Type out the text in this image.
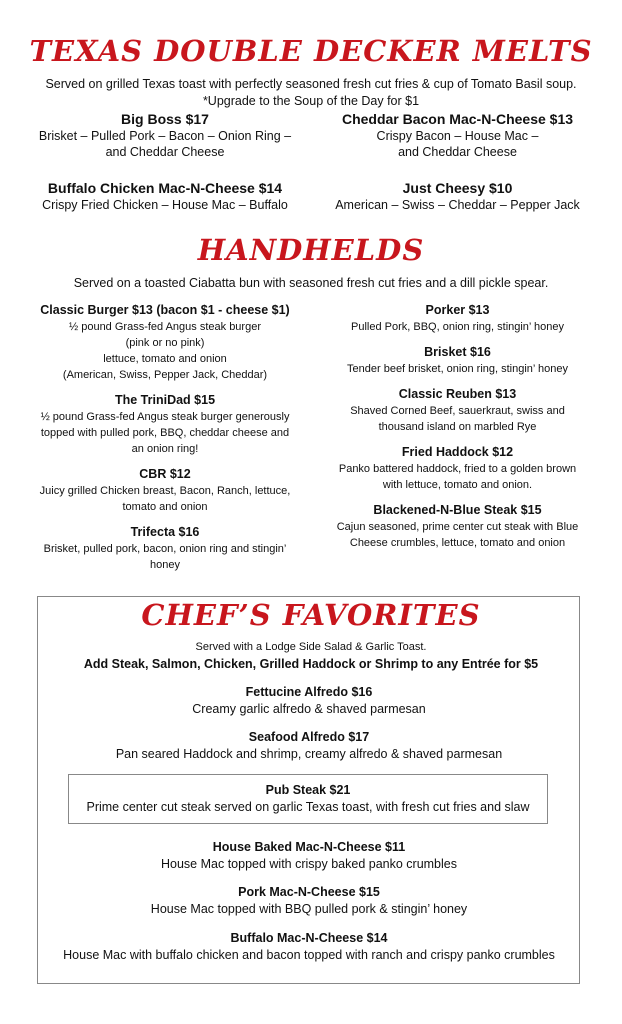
TEXAS DOUBLE DECKER MELTS
Served on grilled Texas toast with perfectly seasoned fresh cut fries & cup of Tomato Basil soup.
*Upgrade to the Soup of the Day for $1
Big Boss $17
Brisket – Pulled Pork – Bacon – Onion Ring –
and Cheddar Cheese
Cheddar Bacon Mac-N-Cheese $13
Crispy Bacon – House Mac –
and Cheddar Cheese
Buffalo Chicken Mac-N-Cheese $14
Crispy Fried Chicken – House Mac – Buffalo
Just Cheesy $10
American – Swiss – Cheddar – Pepper Jack
HANDHELDS
Served on a toasted Ciabatta bun with seasoned fresh cut fries and a dill pickle spear.
Classic Burger $13 (bacon $1 - cheese $1)
½ pound Grass-fed Angus steak burger
(pink or no pink)
lettuce, tomato and onion
(American, Swiss, Pepper Jack, Cheddar)
The TriniDad $15
½ pound Grass-fed Angus steak burger generously
topped with pulled pork, BBQ, cheddar cheese and
an onion ring!
CBR $12
Juicy grilled Chicken breast, Bacon, Ranch, lettuce,
tomato and onion
Trifecta $16
Brisket, pulled pork, bacon, onion ring and stingin’
honey
Porker $13
Pulled Pork, BBQ, onion ring, stingin’ honey
Brisket $16
Tender beef brisket, onion ring, stingin’ honey
Classic Reuben $13
Shaved Corned Beef, sauerkraut, swiss and
thousand island on marbled Rye
Fried Haddock $12
Panko battered haddock, fried to a golden brown
with lettuce, tomato and onion.
Blackened-N-Blue Steak $15
Cajun seasoned, prime center cut steak with Blue
Cheese crumbles, lettuce, tomato and onion
CHEF’S FAVORITES
Served with a Lodge Side Salad & Garlic Toast.
Add Steak, Salmon, Chicken, Grilled Haddock or Shrimp to any Entrée for $5
Fettucine Alfredo $16
Creamy garlic alfredo & shaved parmesan
Seafood Alfredo $17
Pan seared Haddock and shrimp, creamy alfredo & shaved parmesan
Pub Steak $21
Prime center cut steak served on garlic Texas toast, with fresh cut fries and slaw
House Baked Mac-N-Cheese $11
House Mac topped with crispy baked panko crumbles
Pork Mac-N-Cheese $15
House Mac topped with BBQ pulled pork & stingin’ honey
Buffalo Mac-N-Cheese $14
House Mac with buffalo chicken and bacon topped with ranch and crispy panko crumbles
